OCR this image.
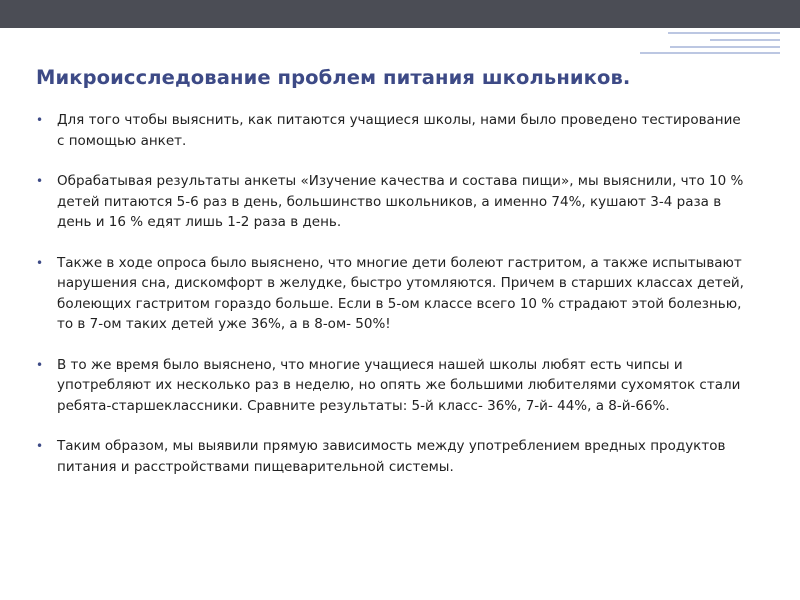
Микроисследование проблем питания школьников.
• Для того чтобы выяснить, как питаются учащиеся школы, нами было проведено тестирование с помощью анкет.
• Обрабатывая результаты анкеты «Изучение качества и состава пищи», мы выяснили, что 10 % детей питаются 5-6 раз в день, большинство школьников, а именно 74%, кушают 3-4 раза в день и 16 % едят лишь 1-2 раза в день.
• Также в ходе опроса было выяснено, что многие дети болеют гастритом, а также испытывают нарушения сна, дискомфорт в желудке, быстро утомляются. Причем в старших классах детей, болеющих гастритом гораздо больше. Если в 5-ом классе всего 10 % страдают этой болезнью, то в 7-ом таких детей уже 36%, а в 8-ом- 50%!
• В то же время было выяснено, что многие учащиеся нашей школы любят есть чипсы и употребляют их несколько раз в неделю, но опять же большими любителями сухомяток стали ребята-старшеклассники. Сравните результаты: 5-й класс- 36%, 7-й- 44%, а 8-й-66%.
• Таким образом, мы выявили прямую зависимость между употреблением вредных продуктов питания и расстройствами пищеварительной системы.
